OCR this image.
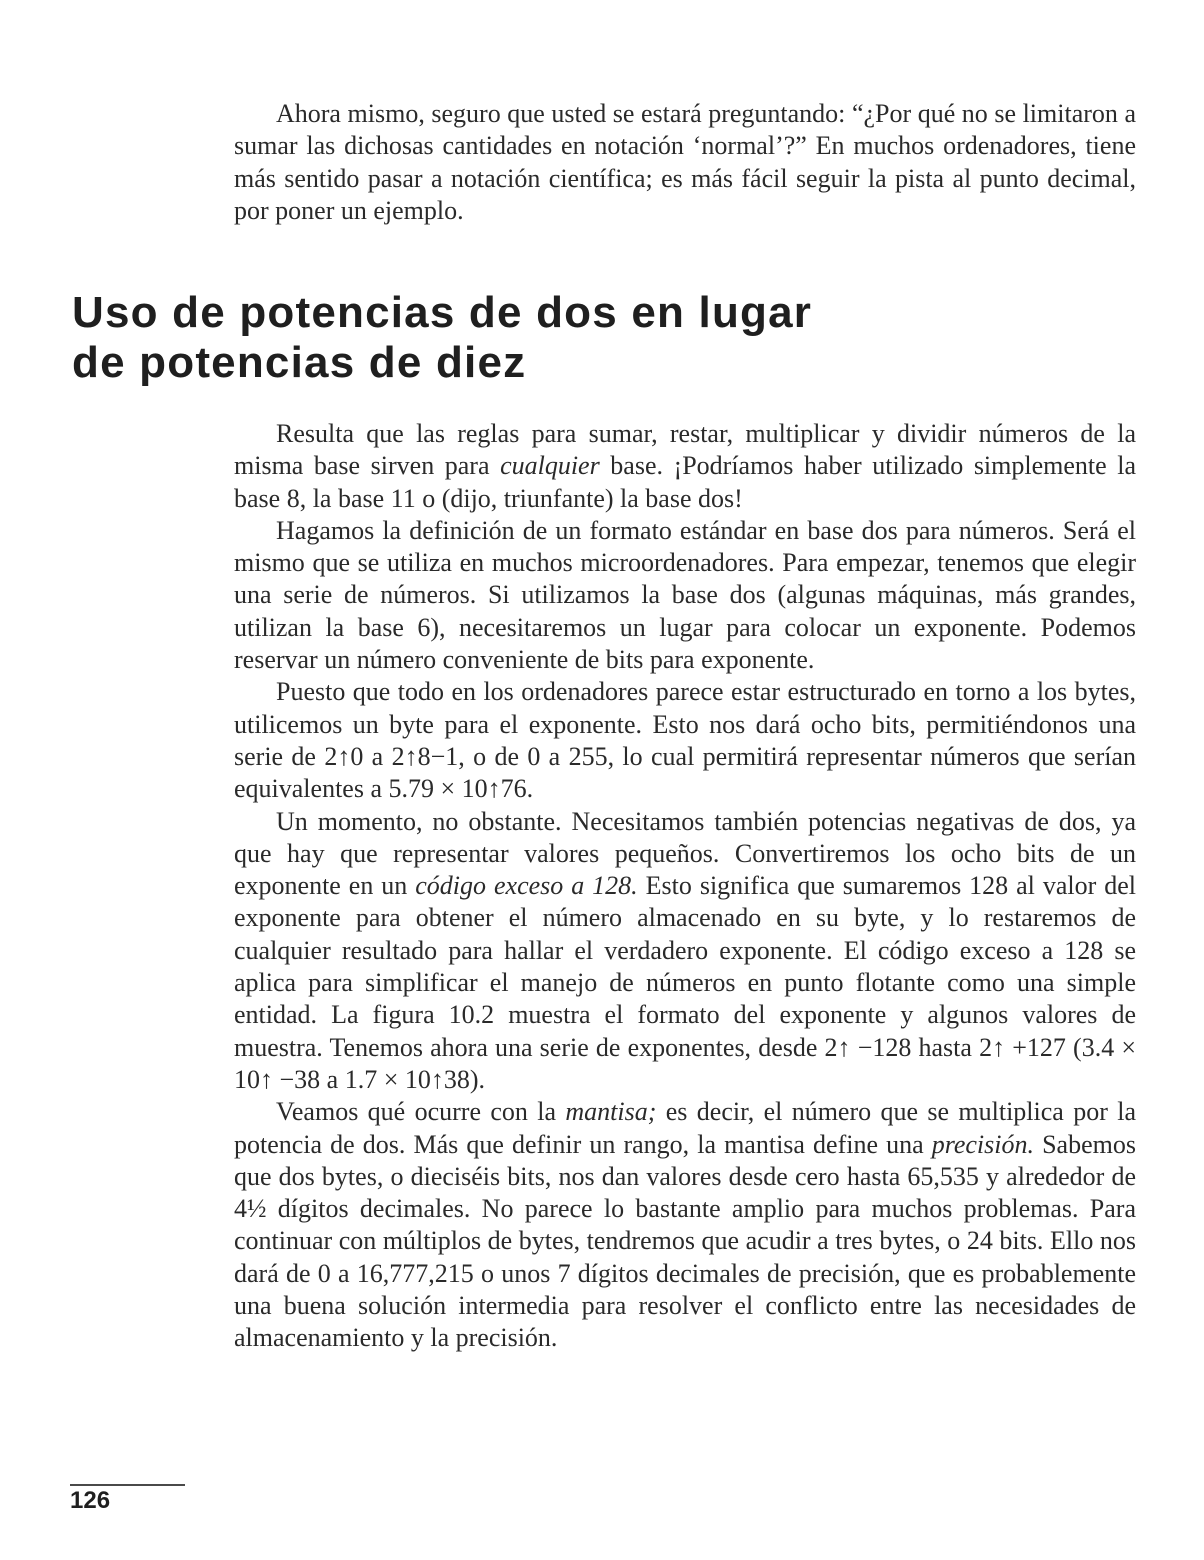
Ahora mismo, seguro que usted se estará preguntando: “¿Por qué no se limitaron a sumar las dichosas cantidades en notación ‘normal’?” En muchos ordenadores, tiene más sentido pasar a notación científica; es más fácil seguir la pista al punto decimal, por poner un ejemplo.

Uso de potencias de dos en lugar
de potencias de diez

Resulta que las reglas para sumar, restar, multiplicar y dividir números de la misma base sirven para cualquier base. ¡Podríamos haber utilizado simplemente la base 8, la base 11 o (dijo, triunfante) la base dos!

Hagamos la definición de un formato estándar en base dos para números. Será el mismo que se utiliza en muchos microordenadores. Para empezar, tenemos que elegir una serie de números. Si utilizamos la base dos (algunas máquinas, más grandes, utilizan la base 6), necesitaremos un lugar para colocar un exponente. Podemos reservar un número conveniente de bits para exponente.

Puesto que todo en los ordenadores parece estar estructurado en torno a los bytes, utilicemos un byte para el exponente. Esto nos dará ocho bits, permitiéndonos una serie de 2↑0 a 2↑8−1, o de 0 a 255, lo cual permitirá representar números que serían equivalentes a 5.79 × 10↑76.

Un momento, no obstante. Necesitamos también potencias negativas de dos, ya que hay que representar valores pequeños. Convertiremos los ocho bits de un exponente en un código exceso a 128. Esto significa que sumaremos 128 al valor del exponente para obtener el número almacenado en su byte, y lo restaremos de cualquier resultado para hallar el verdadero exponente. El código exceso a 128 se aplica para simplificar el manejo de números en punto flotante como una simple entidad. La figura 10.2 muestra el formato del exponente y algunos valores de muestra. Tenemos ahora una serie de exponentes, desde 2↑ −128 hasta 2↑ +127 (3.4 × 10↑ −38 a 1.7 × 10↑38).

Veamos qué ocurre con la mantisa; es decir, el número que se multiplica por la potencia de dos. Más que definir un rango, la mantisa define una precisión. Sabemos que dos bytes, o dieciséis bits, nos dan valores desde cero hasta 65,535 y alrededor de 4½ dígitos decimales. No parece lo bastante amplio para muchos problemas. Para continuar con múltiplos de bytes, tendremos que acudir a tres bytes, o 24 bits. Ello nos dará de 0 a 16,777,215 o unos 7 dígitos decimales de precisión, que es probablemente una buena solución intermedia para resolver el conflicto entre las necesidades de almacenamiento y la precisión.

126
